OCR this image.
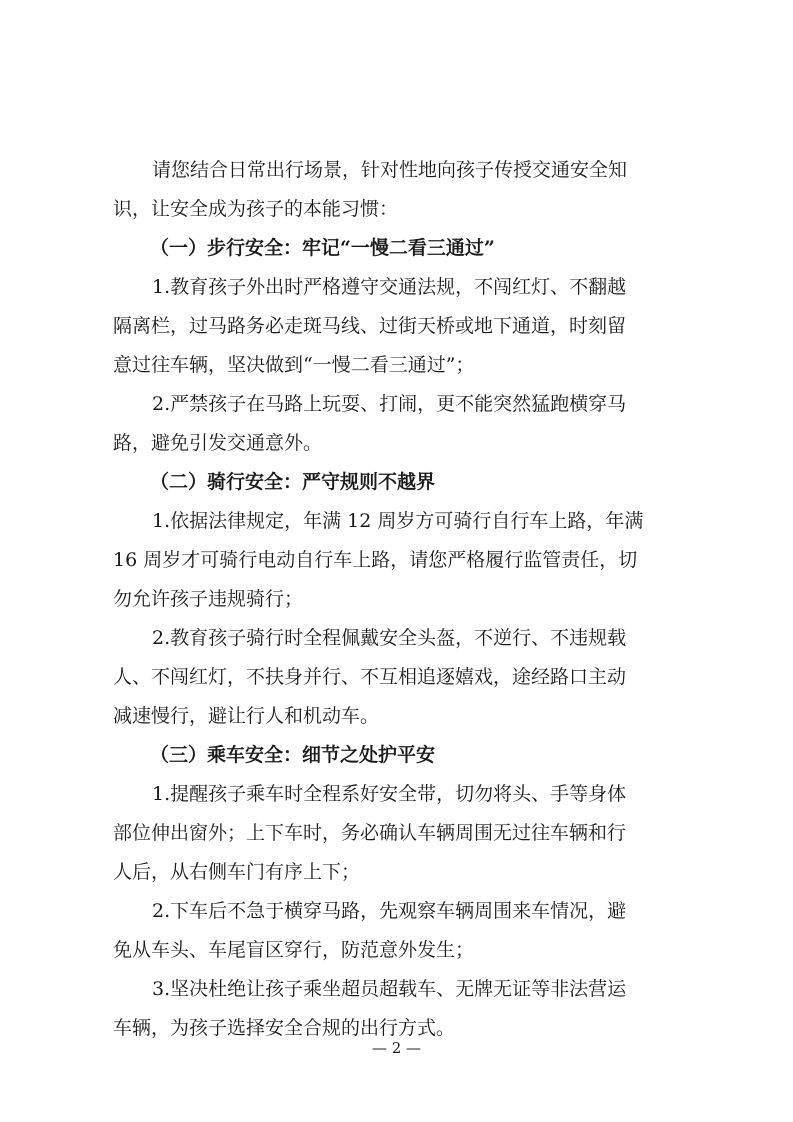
请您结合日常出行场景，针对性地向孩子传授交通安全知
识，让安全成为孩子的本能习惯：
（一）步行安全：牢记“一慢二看三通过”
1.教育孩子外出时严格遵守交通法规，不闯红灯、不翻越
隔离栏，过马路务必走斑马线、过街天桥或地下通道，时刻留
意过往车辆，坚决做到“一慢二看三通过”；
2.严禁孩子在马路上玩耍、打闹，更不能突然猛跑横穿马
路，避免引发交通意外。
（二）骑行安全：严守规则不越界
1.依据法律规定，年满 12 周岁方可骑行自行车上路，年满
16 周岁才可骑行电动自行车上路，请您严格履行监管责任，切
勿允许孩子违规骑行；
2.教育孩子骑行时全程佩戴安全头盔，不逆行、不违规载
人、不闯红灯，不扶身并行、不互相追逐嬉戏，途经路口主动
减速慢行，避让行人和机动车。
（三）乘车安全：细节之处护平安
1.提醒孩子乘车时全程系好安全带，切勿将头、手等身体
部位伸出窗外；上下车时，务必确认车辆周围无过往车辆和行
人后，从右侧车门有序上下；
2.下车后不急于横穿马路，先观察车辆周围来车情况，避
免从车头、车尾盲区穿行，防范意外发生；
3.坚决杜绝让孩子乘坐超员超载车、无牌无证等非法营运
车辆，为孩子选择安全合规的出行方式。
— 2 —
